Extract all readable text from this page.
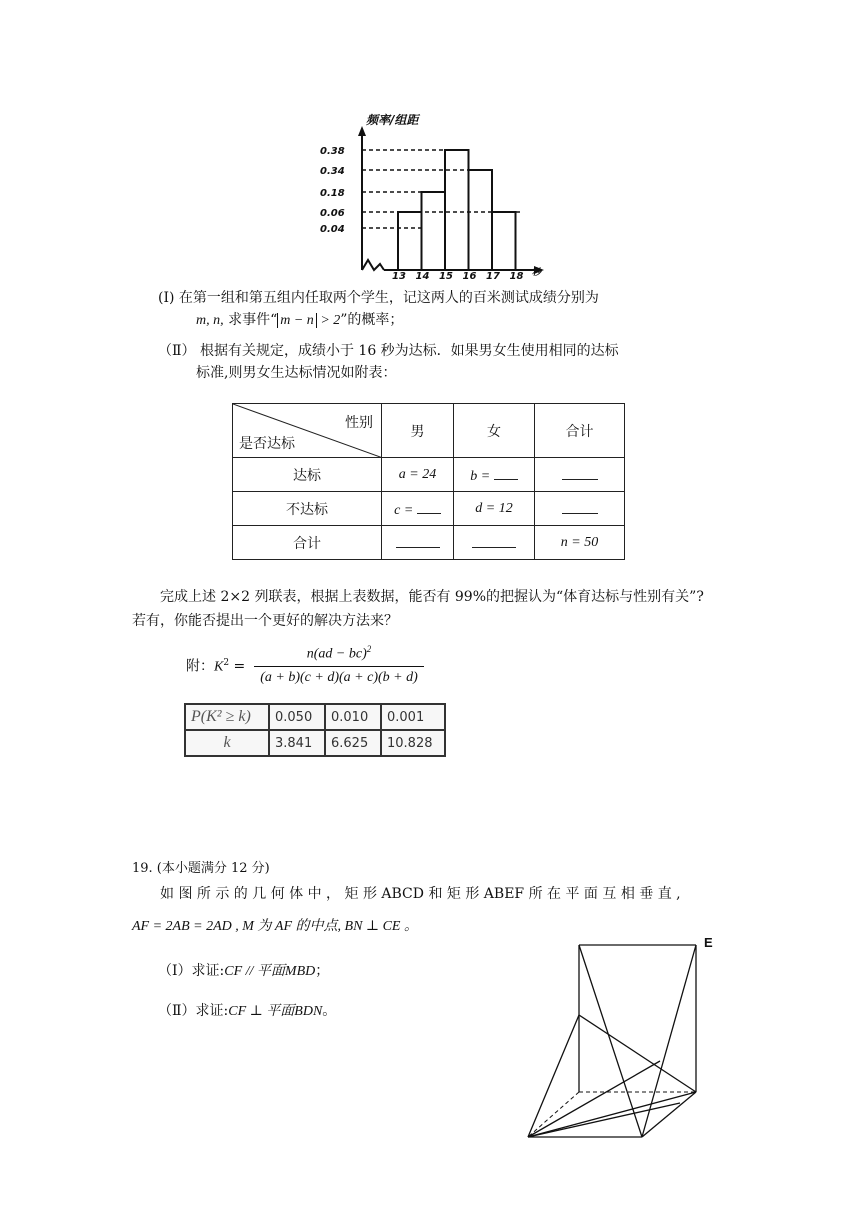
频率/组距
0.38
0.34
0.18
0.06
0.04
13 14 15 16 17 18 秒
(Ⅰ) 在第一组和第五组内任取两个学生，记这两人的百米测试成绩分别为
m, n, 求事件“ m − n > 2”的概率；
（Ⅱ） 根据有关规定，成绩小于 16 秒为达标．如果男女生使用相同的达标
标准,则男女生达标情况如附表：
性别
是否达标	男	女	合计
达标	a = 24	b =	
不达标	c =	d = 12	
合计			n = 50
完成上述 2×2 列联表，根据上表数据，能否有 99%的把握认为“体育达标与性别有关”?
若有，你能否提出一个更好的解决方法来？
附：$K^2$ =
n(ad − bc)$^2$
(a + b)(c + d)(a + c)(b + d)
P(K² ≥ k)	0.050	0.010	0.001
k	3.841	6.625	10.828
19. (本小题满分 12 分)
如 图 所 示 的 几 何 体 中 ， 矩 形 ABCD 和 矩 形 ABEF 所 在 平 面 互 相 垂 直 ,
AF = 2AB = 2AD , M 为 AF 的中点, BN ⊥ CE 。
（Ⅰ）求证:CF // 平面MBD；
（Ⅱ）求证:CF ⊥ 平面BDN。
E
